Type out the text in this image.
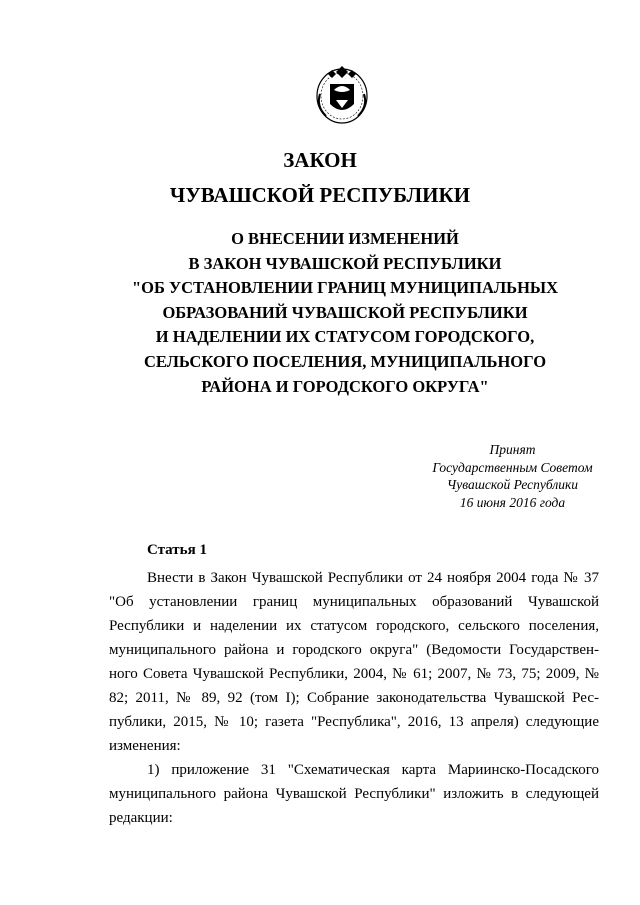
ЗАКОН
ЧУВАШСКОЙ РЕСПУБЛИКИ
О ВНЕСЕНИИ ИЗМЕНЕНИЙ
В ЗАКОН ЧУВАШСКОЙ РЕСПУБЛИКИ
"ОБ УСТАНОВЛЕНИИ ГРАНИЦ МУНИЦИПАЛЬНЫХ
ОБРАЗОВАНИЙ ЧУВАШСКОЙ РЕСПУБЛИКИ
И НАДЕЛЕНИИ ИХ СТАТУСОМ ГОРОДСКОГО,
СЕЛЬСКОГО ПОСЕЛЕНИЯ, МУНИЦИПАЛЬНОГО
РАЙОНА И ГОРОДСКОГО ОКРУГА"
Принят
Государственным Советом
Чувашской Республики
16 июня 2016 года
Статья 1

Внести в Закон Чувашской Республики от 24 ноября 2004 года № 37 "Об установлении границ муниципальных образований Чувашской Республики и наделении их статусом городского, сельского поселения, муниципального района и городского округа" (Ведомости Государствен-ного Совета Чувашской Республики, 2004, № 61; 2007, № 73, 75; 2009, № 82; 2011, № 89, 92 (том I); Собрание законодательства Чувашской Рес-публики, 2015, № 10; газета "Республика", 2016, 13 апреля) следующие изменения:

1) приложение 31 "Схематическая карта Мариинско-Посадского муниципального района Чувашской Республики" изложить в следующей редакции:
